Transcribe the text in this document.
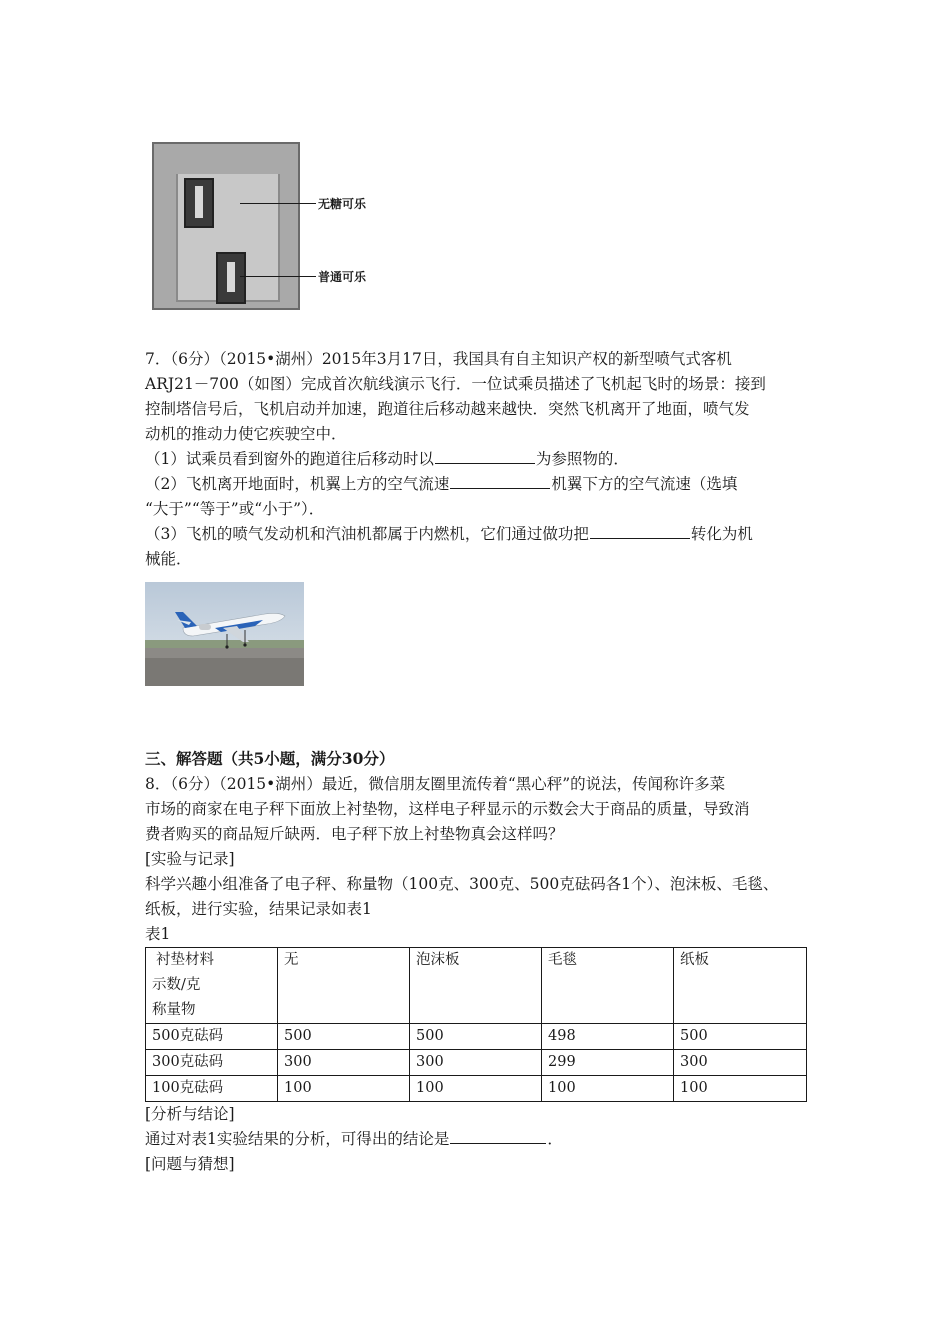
无糖可乐
普通可乐
7．（6分）（2015•湖州）2015年3月17日，我国具有自主知识产权的新型喷气式客机
ARJ21－700（如图）完成首次航线演示飞行．一位试乘员描述了飞机起飞时的场景：接到
控制塔信号后，飞机启动并加速，跑道往后移动越来越快．突然飞机离开了地面，喷气发
动机的推动力使它疾驶空中．
（1）试乘员看到窗外的跑道往后移动时以	为参照物的．
（2）飞机离开地面时，机翼上方的空气流速	机翼下方的空气流速（选填
“大于”“等于”或“小于”）．
（3）飞机的喷气发动机和汽油机都属于内燃机，它们通过做功把	转化为机
械能．
三、解答题（共5小题，满分30分）
8．（6分）（2015•湖州）最近，微信朋友圈里流传着“黑心秤”的说法，传闻称许多菜
市场的商家在电子秤下面放上衬垫物，这样电子秤显示的示数会大于商品的质量，导致消
费者购买的商品短斤缺两．电子秤下放上衬垫物真会这样吗？
[实验与记录]
科学兴趣小组准备了电子秤、称量物（100克、300克、500克砝码各1个）、泡沫板、毛毯、
纸板，进行实验，结果记录如表1
表1
衬垫材料
示数/克
称量物	无	泡沫板	毛毯	纸板
500克砝码	500	500	498	500
300克砝码	300	300	299	300
100克砝码	100	100	100	100
[分析与结论]
通过对表1实验结果的分析，可得出的结论是	．
[问题与猜想]
